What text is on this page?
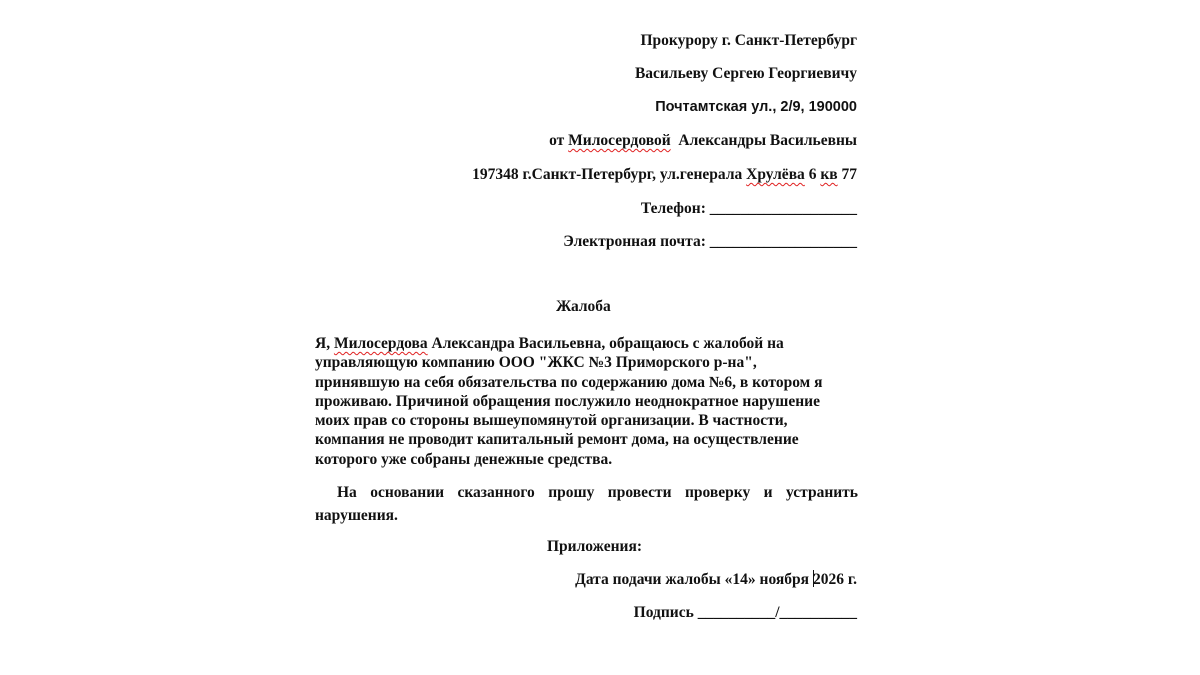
Прокурору г. Санкт-Петербург
Васильеву Сергею Георгиевичу
Почтамтская ул., 2/9, 190000
от Милосердовой  Александры Васильевны
197348 г.Санкт-Петербург, ул.генерала Хрулёва 6 кв 77
Телефон: ___________________
Электронная почта: ___________________
Жалоба
Я, Милосердова Александра Васильевна, обращаюсь с жалобой на
управляющую компанию ООО "ЖКС №3 Приморского р-на",
принявшую на себя обязательства по содержанию дома №6, в котором я
проживаю. Причиной обращения послужило неоднократное нарушение
моих прав со стороны вышеупомянутой организации. В частности,
компания не проводит капитальный ремонт дома, на осуществление
которого уже собраны денежные средства.
На основании сказанного прошу провести проверку и устранить
нарушения.
Приложения:
Дата подачи жалобы «14» ноября 2026 г.
Подпись __________/__________
